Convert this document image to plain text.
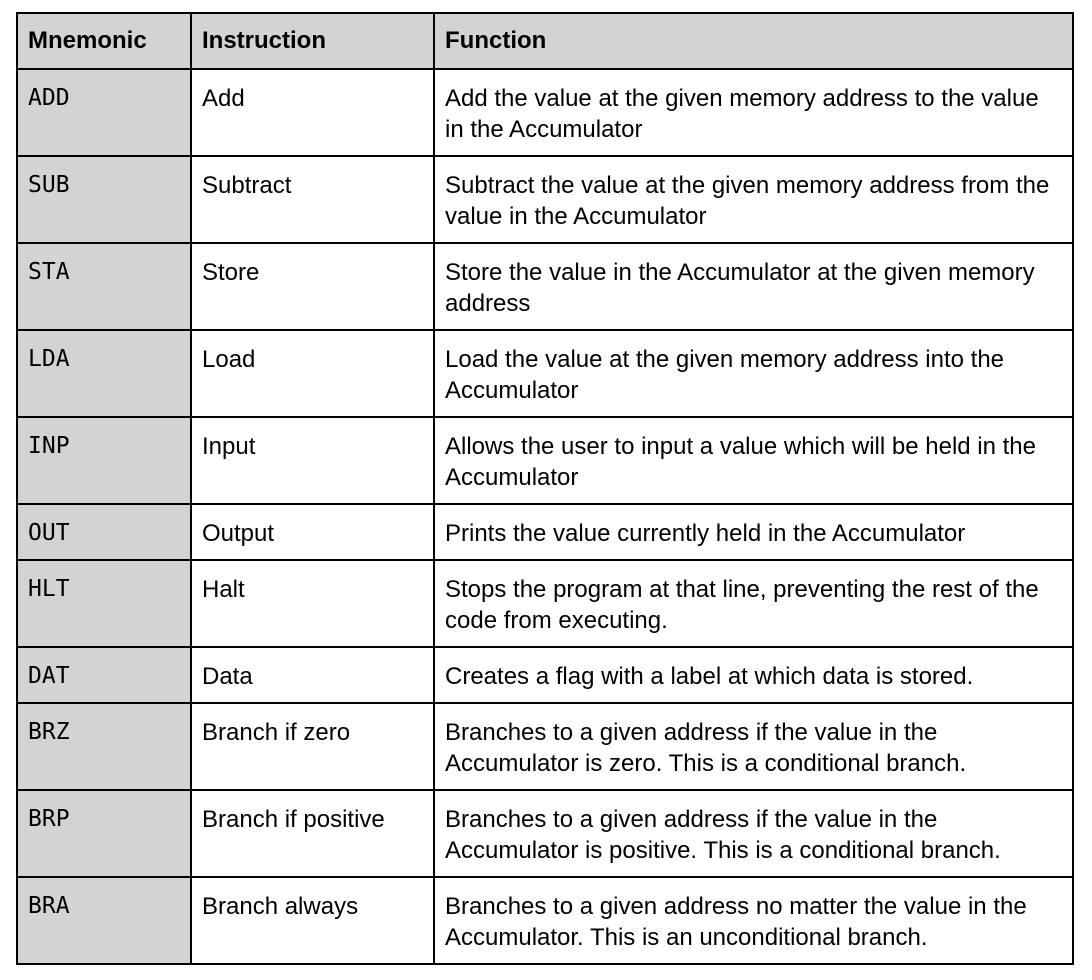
Mnemonic	Instruction	Function
ADD	Add	Add the value at the given memory address to the value in the Accumulator
SUB	Subtract	Subtract the value at the given memory address from the value in the Accumulator
STA	Store	Store the value in the Accumulator at the given memory address
LDA	Load	Load the value at the given memory address into the Accumulator
INP	Input	Allows the user to input a value which will be held in the Accumulator
OUT	Output	Prints the value currently held in the Accumulator
HLT	Halt	Stops the program at that line, preventing the rest of the code from executing.
DAT	Data	Creates a flag with a label at which data is stored.
BRZ	Branch if zero	Branches to a given address if the value in the Accumulator is zero. This is a conditional branch.
BRP	Branch if positive	Branches to a given address if the value in the Accumulator is positive. This is a conditional branch.
BRA	Branch always	Branches to a given address no matter the value in the Accumulator. This is an unconditional branch.
